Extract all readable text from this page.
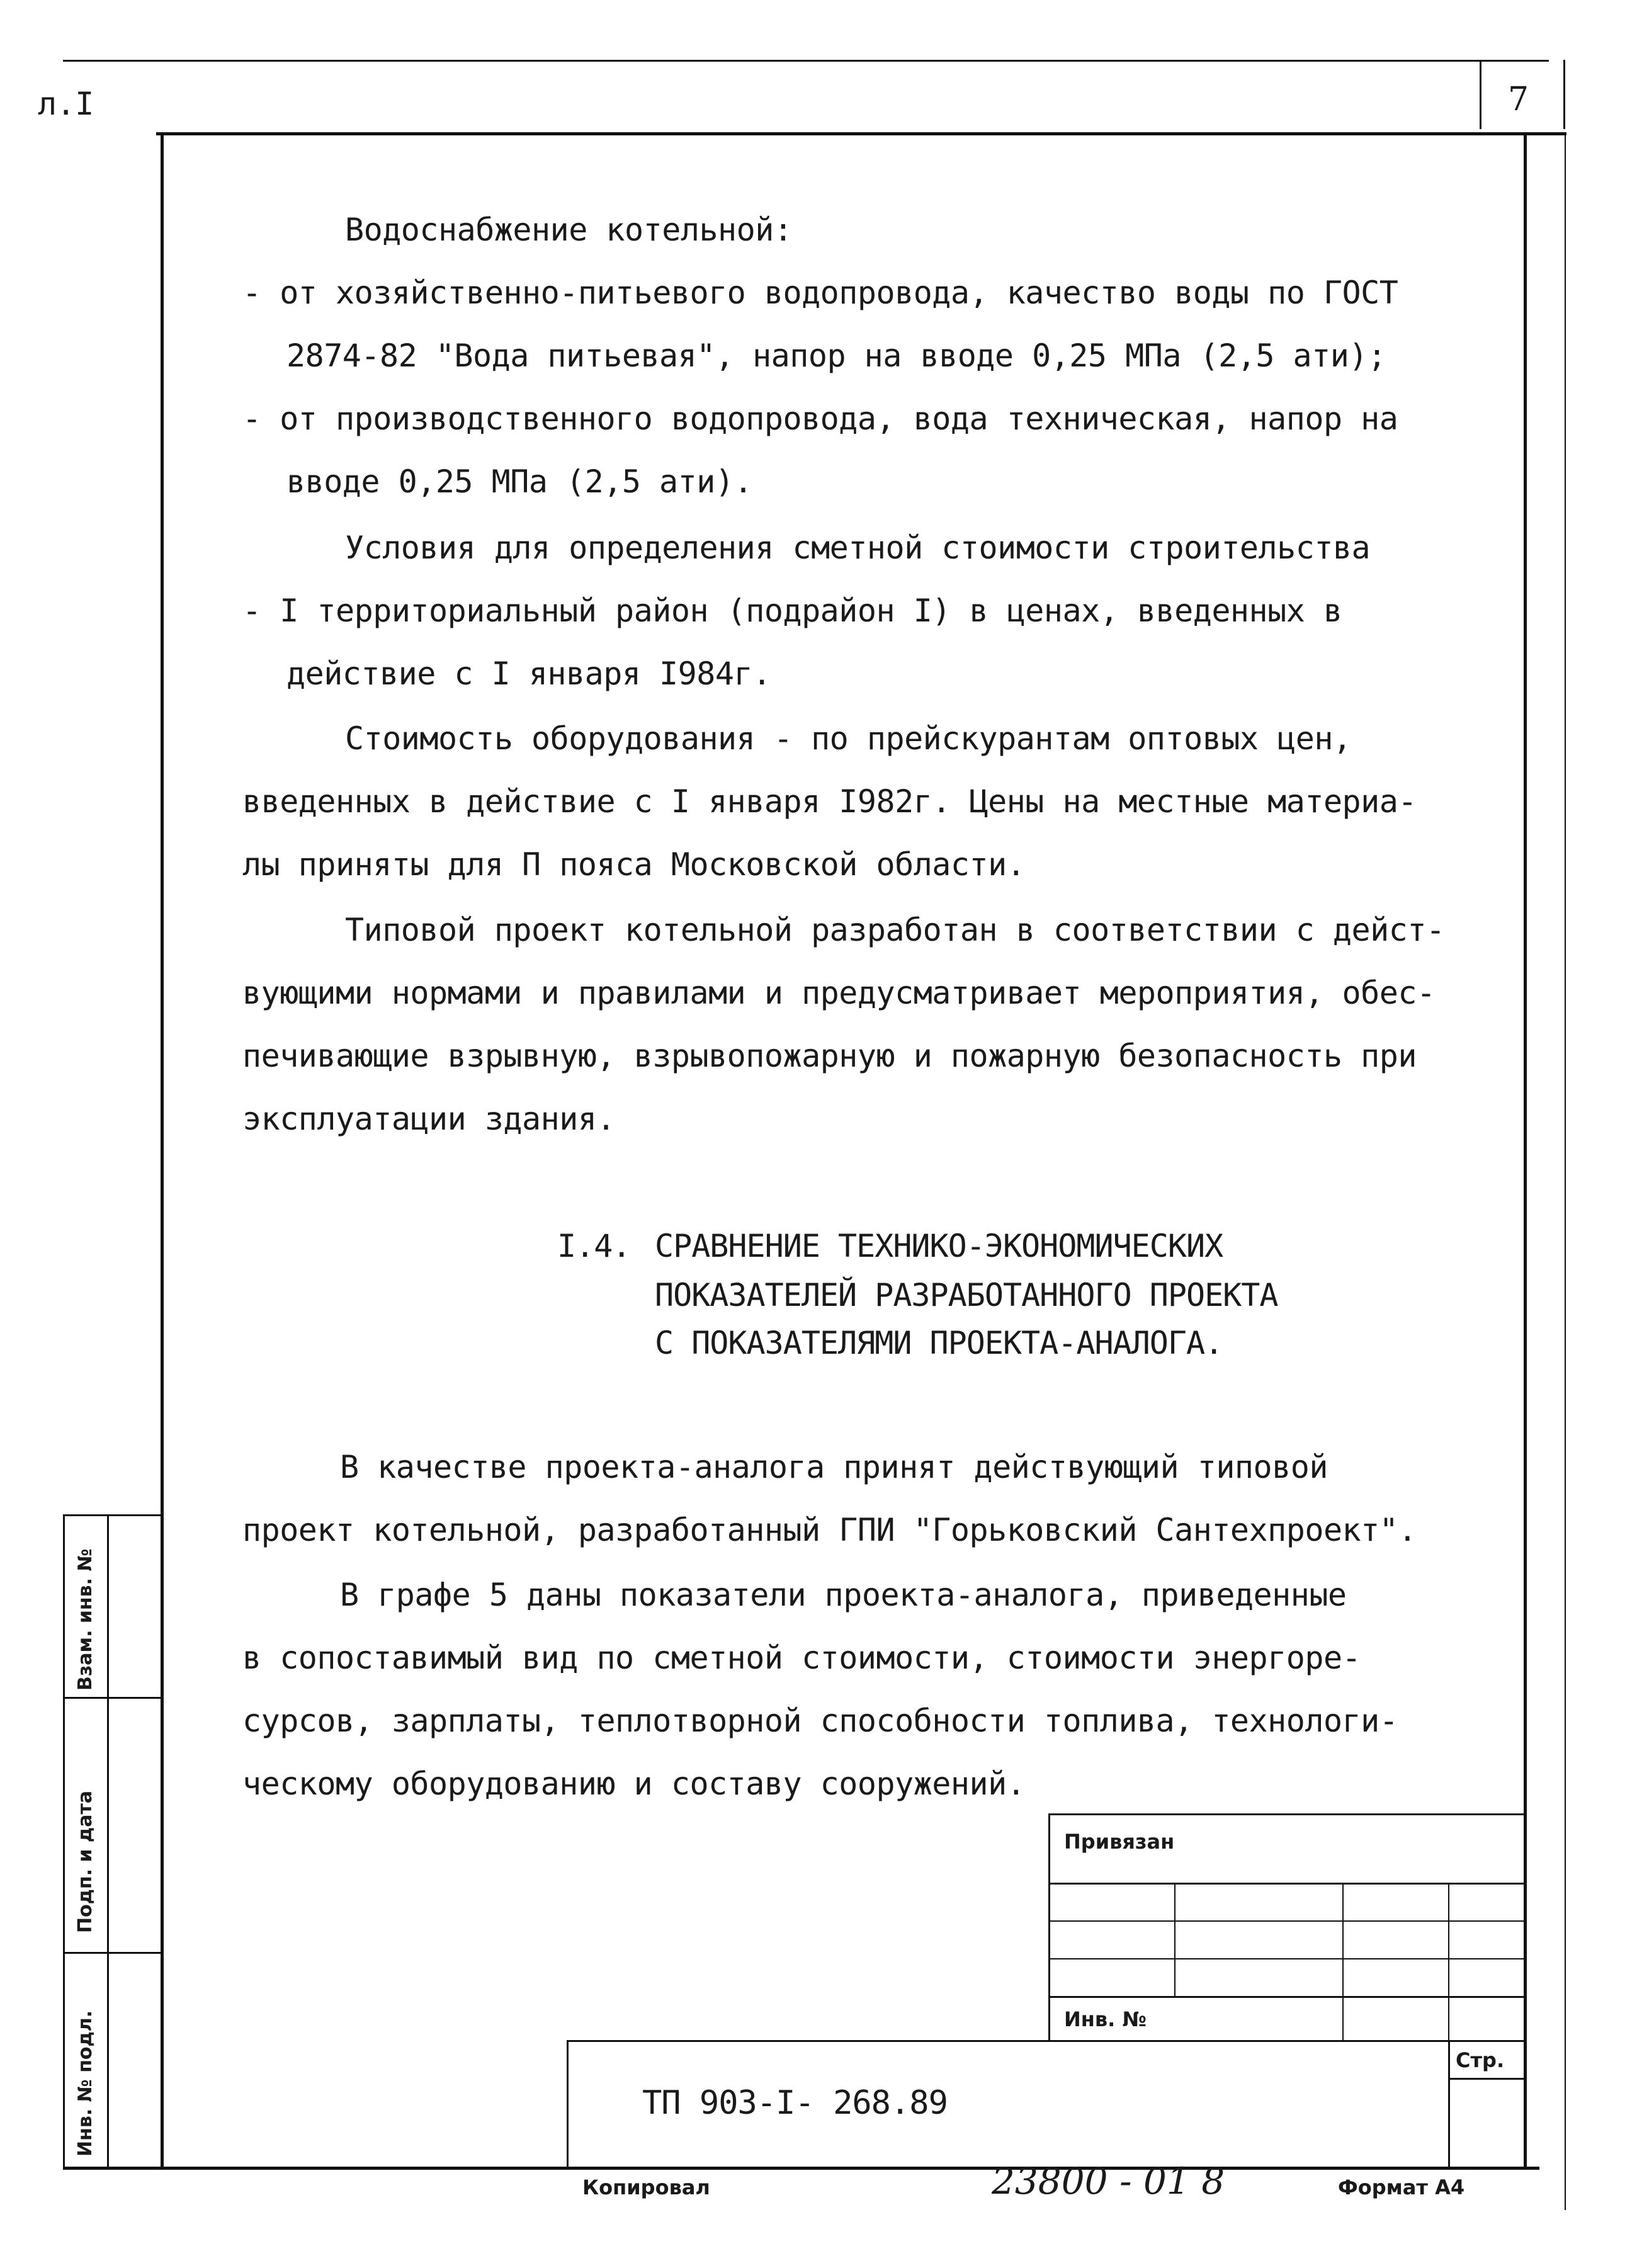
л.I	7
Водоснабжение котельной:
- от хозяйственно-питьевого водопровода, качество воды по ГОСТ
2874-82 "Вода питьевая", напор на вводе 0,25 МПа (2,5 ати);
- от производственного водопровода, вода техническая, напор на
вводе 0,25 МПа (2,5 ати).
Условия для определения сметной стоимости строительства
- I территориальный район (подрайон I) в ценах, введенных в
действие с I января I984г.
Стоимость оборудования - по прейскурантам оптовых цен,
введенных в действие с I января I982г. Цены на местные материа-
лы приняты для П пояса Московской области.
Типовой проект котельной разработан в соответствии с дейст-
вующими нормами и правилами и предусматривает мероприятия, обес-
печивающие взрывную, взрывопожарную и пожарную безопасность при
эксплуатации здания.
I.4. СРАВНЕНИЕ ТЕХНИКО-ЭКОНОМИЧЕСКИХ
ПОКАЗАТЕЛЕЙ РАЗРАБОТАННОГО ПРОЕКТА
С ПОКАЗАТЕЛЯМИ ПРОЕКТА-АНАЛОГА.
В качестве проекта-аналога принят действующий типовой
проект котельной, разработанный ГПИ "Горьковский Сантехпроект".
В графе 5 даны показатели проекта-аналога, приведенные
в сопоставимый вид по сметной стоимости, стоимости энергоре-
сурсов, зарплаты, теплотворной способности топлива, технологи-
ческому оборудованию и составу сооружений.
Взам. инв. №
Подп. и дата
Инв. № подл.
Привязан
Инв. №
Стр.
ТП 903-I- 268.89
Копировал	23800 - 01 8	Формат А4
